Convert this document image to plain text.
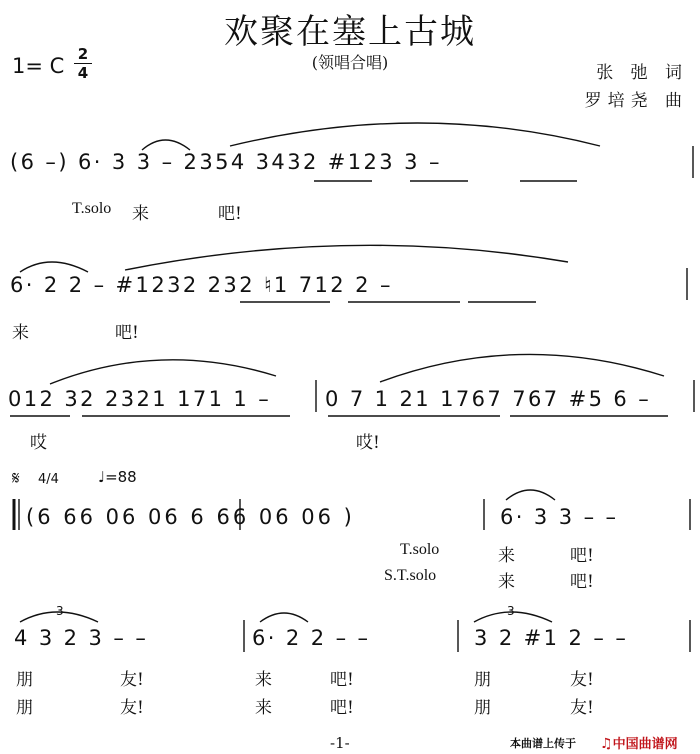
欢聚在塞上古城
(领唱合唱)
1= C 2
4	张 弛 词
罗培尧 曲
(6 –) 6· 3 3 – 2354 3432 #123 3 –
T.solo 来	吧!
6· 2 2 – #1232 232 ♮1 712 2 –
来	吧!
012 32 2321 171 1 –	0 7 1 21 1767 767 #5 6 –
哎	哎!
𝄋 4/4	♩=88
(6 66 06 06 6 66 06 06 )	6· 3 3 – –
T.solo
S.T.solo
来	吧!
来	吧!
3	3
4 3 2 3 – –	6· 2 2 – –	3 2 #1 2 – –
朋	友!	来	吧!	朋	友!
朋	友!	来	吧!	朋	友!
-1-	本曲谱上传于 ♫中国曲谱网
